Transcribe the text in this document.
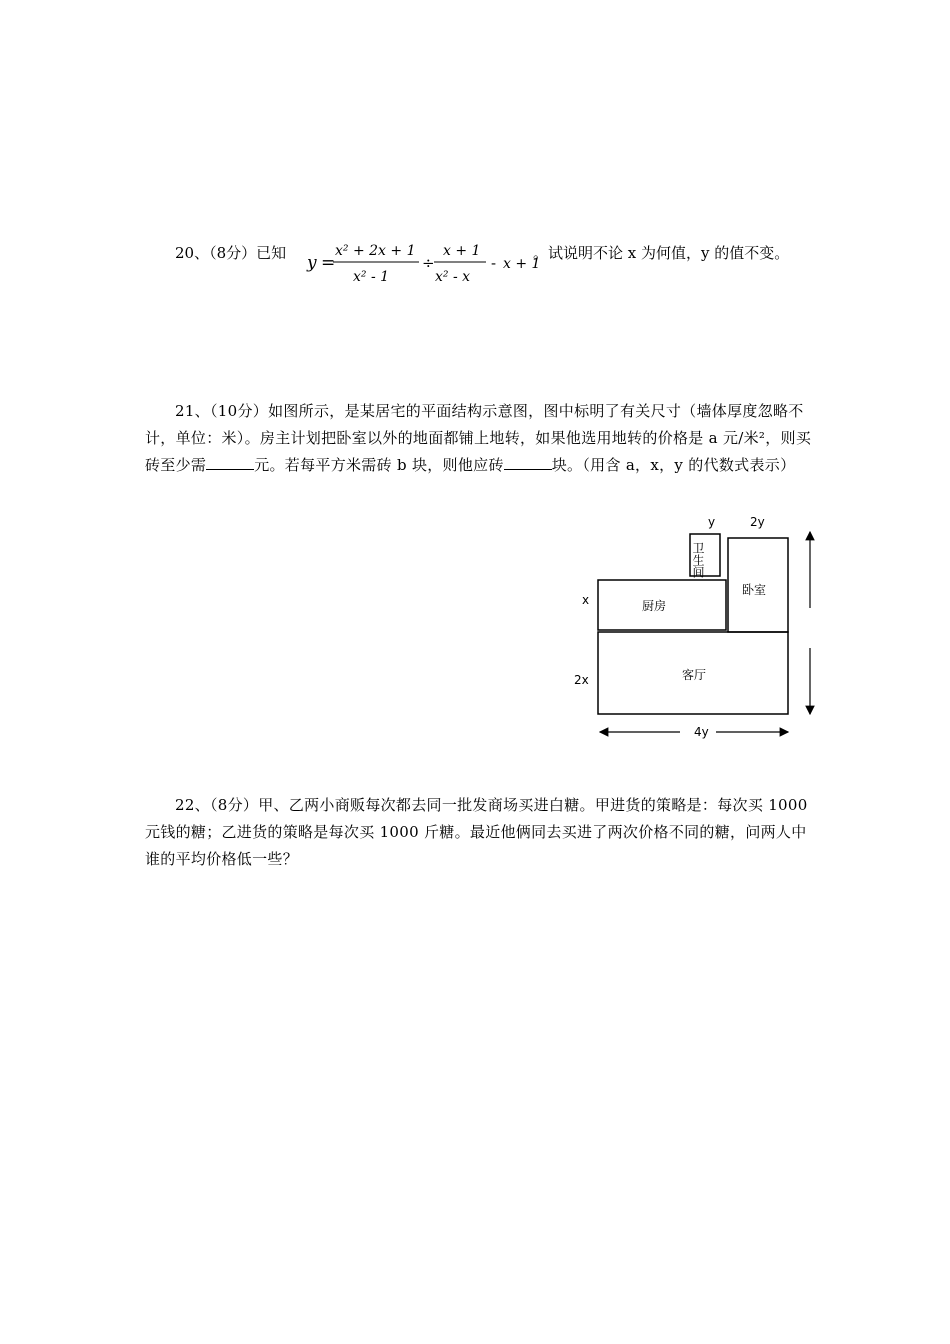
20、（8分）已知 y =
x² + 2x + 1
x² - 1
÷
x + 1
x² - x
- x + 1
。试说明不论 x 为何值，y 的值不变。
21、（10分）如图所示，是某居宅的平面结构示意图，图中标明了有关尺寸（墙体厚度忽略不计，单位：米）。房主计划把卧室以外的地面都铺上地转，如果他选用地转的价格是 a 元/米²，则买砖至少需	元。若每平方米需砖 b 块，则他应砖	块。（用含 a，x，y 的代数式表示）
客厅
厨房
卫生间
卧室
y	2y
x
2x
4y
22、（8分）甲、乙两小商贩每次都去同一批发商场买进白糖。甲进货的策略是：每次买 1000 元钱的糖；乙进货的策略是每次买 1000 斤糖。最近他俩同去买进了两次价格不同的糖，问两人中谁的平均价格低一些？
